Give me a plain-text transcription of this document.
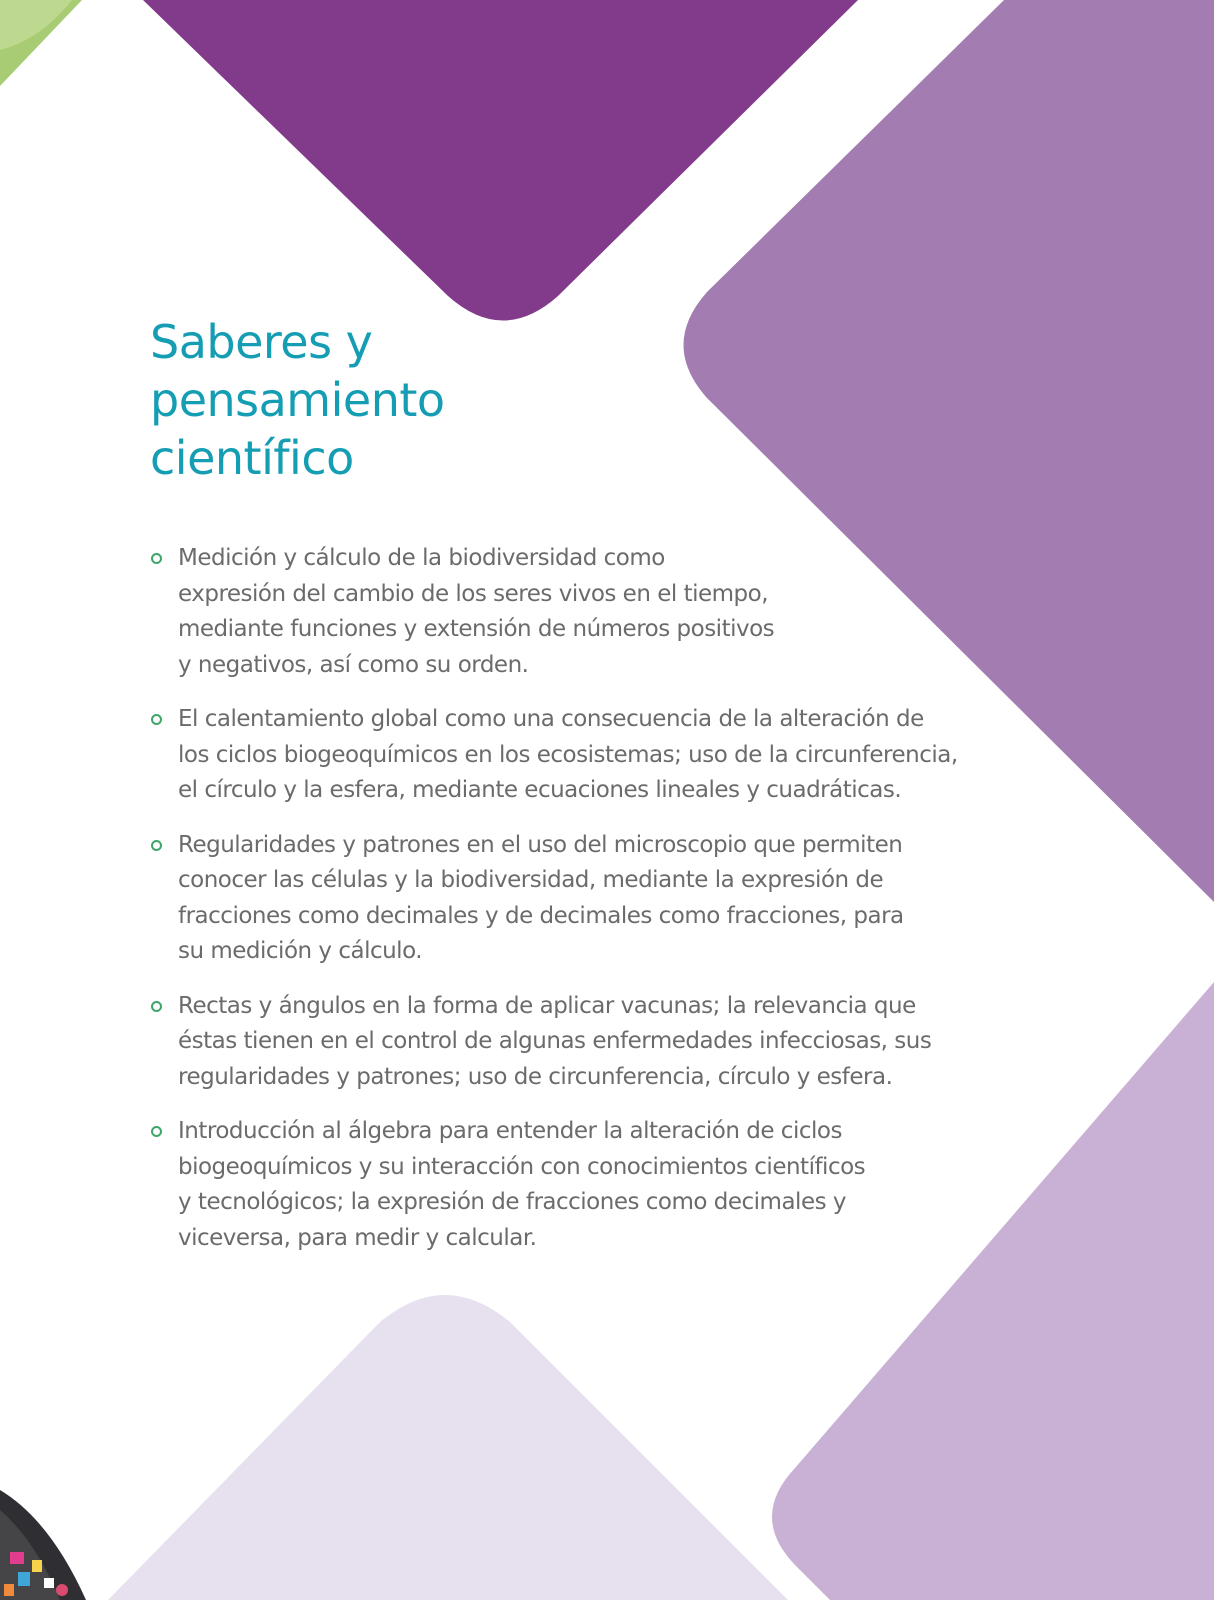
Saberes y
pensamiento
científico
Medición y cálculo de la biodiversidad como
expresión del cambio de los seres vivos en el tiempo,
mediante funciones y extensión de números positivos
y negativos, así como su orden.
El calentamiento global como una consecuencia de la alteración de
los ciclos biogeoquímicos en los ecosistemas; uso de la circunferencia,
el círculo y la esfera, mediante ecuaciones lineales y cuadráticas.
Regularidades y patrones en el uso del microscopio que permiten
conocer las células y la biodiversidad, mediante la expresión de
fracciones como decimales y de decimales como fracciones, para
su medición y cálculo.
Rectas y ángulos en la forma de aplicar vacunas; la relevancia que
éstas tienen en el control de algunas enfermedades infecciosas, sus
regularidades y patrones; uso de circunferencia, círculo y esfera.
Introducción al álgebra para entender la alteración de ciclos
biogeoquímicos y su interacción con conocimientos científicos
y tecnológicos; la expresión de fracciones como decimales y
viceversa, para medir y calcular.
